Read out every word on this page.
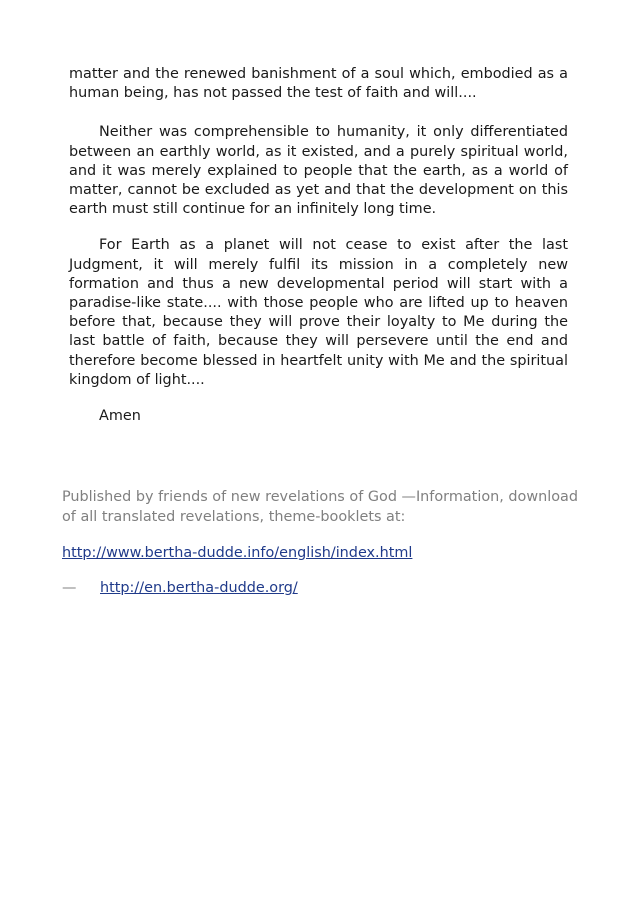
matter and the renewed banishment of a soul which, embodied as a human being, has not passed the test of faith and will....

Neither was comprehensible to humanity, it only differentiated between an earthly world, as it existed, and a purely spiritual world, and it was merely explained to people that the earth, as a world of matter, cannot be excluded as yet and that the development on this earth must still continue for an infinitely long time.

For Earth as a planet will not cease to exist after the last Judgment, it will merely fulfil its mission in a completely new formation and thus a new developmental period will start with a paradise-like state.... with those people who are lifted up to heaven before that, because they will prove their loyalty to Me during the last battle of faith, because they will persevere until the end and therefore become blessed in heartfelt unity with Me and the spiritual kingdom of light....

Amen

Published by friends of new revelations of God —Information, download of all translated revelations, theme-booklets at:

http://www.bertha-dudde.info/english/index.html
—	http://en.bertha-dudde.org/
